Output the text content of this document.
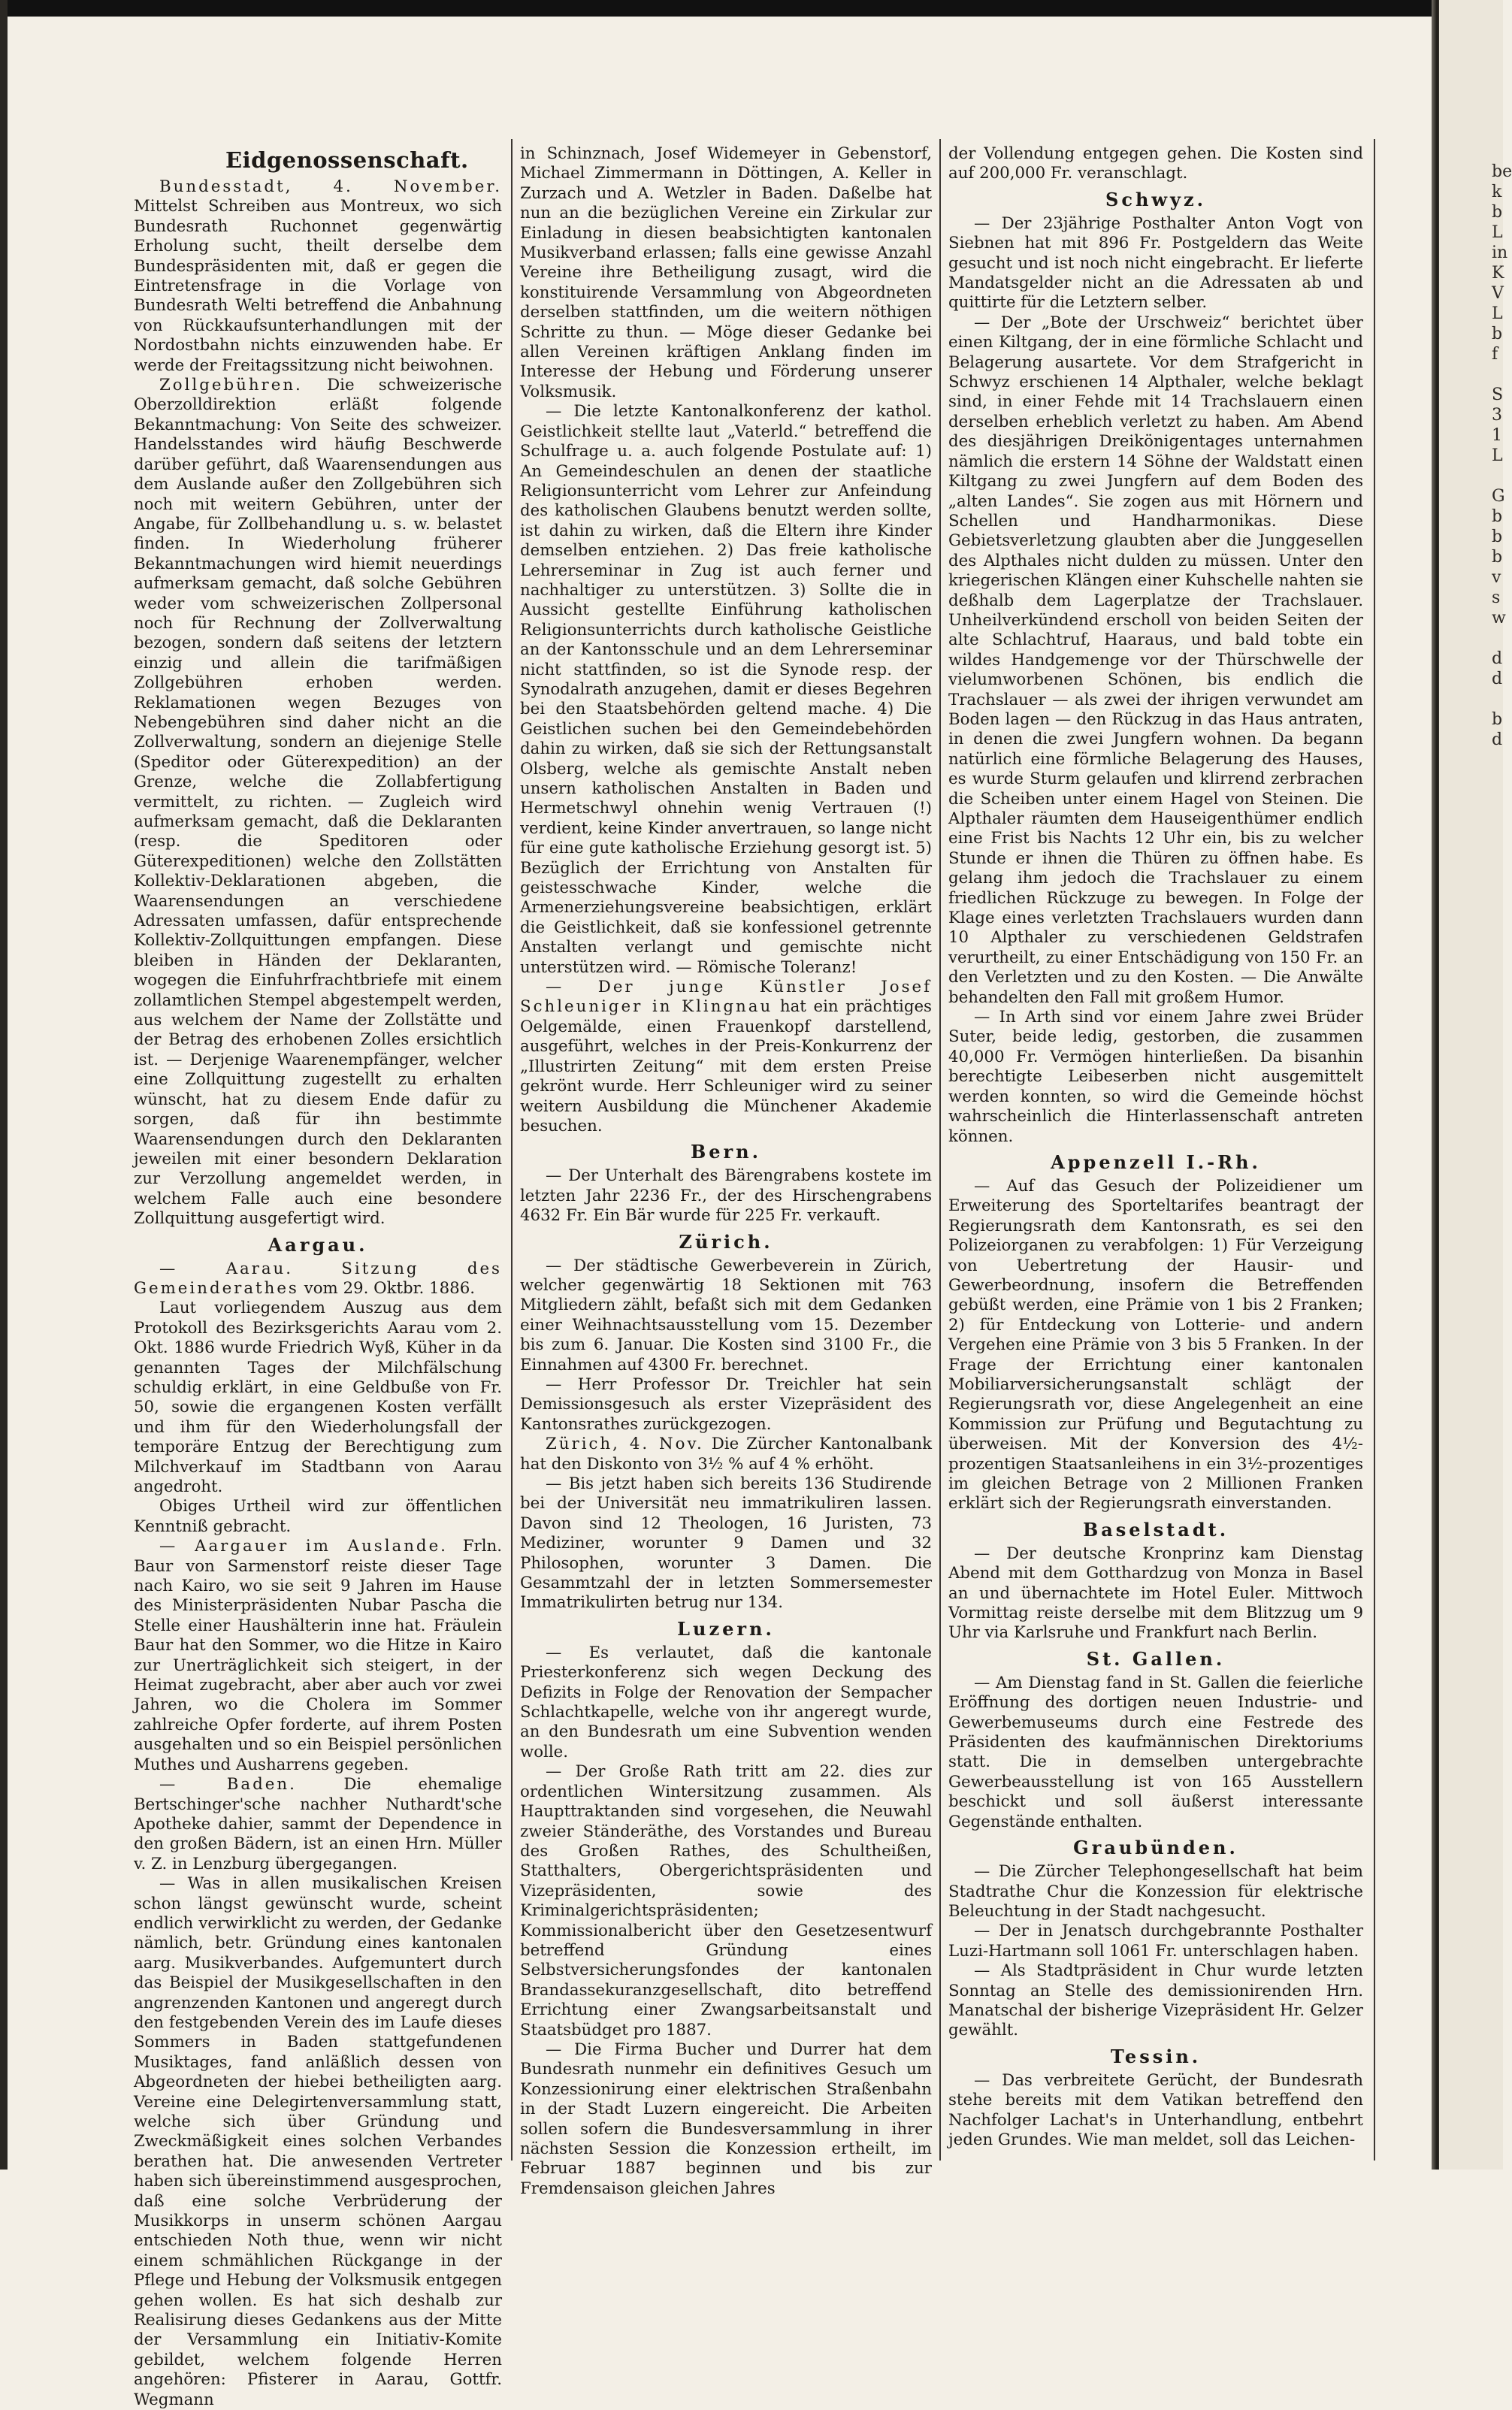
be
k
b
L
in
K
V
L
b
f

S
3
1
L

G
b
b
b
v
s
w

d
d

b
d
Eidgenossenschaft.

Bundesstadt, 4. November. Mittelst Schreiben aus Montreux, wo sich Bundesrath Ruchonnet gegenwärtig Erholung sucht, theilt derselbe dem Bundespräsidenten mit, daß er gegen die Eintretensfrage in die Vorlage von Bundesrath Welti betreffend die Anbahnung von Rückkaufsunterhandlungen mit der Nordostbahn nichts einzuwenden habe. Er werde der Freitagssitzung nicht beiwohnen.

Zollgebühren. Die schweizerische Oberzolldirektion erläßt folgende Bekanntmachung: Von Seite des schweizer. Handelsstandes wird häufig Beschwerde darüber geführt, daß Waarensendungen aus dem Auslande außer den Zollgebühren sich noch mit weitern Gebühren, unter der Angabe, für Zollbehandlung u. s. w. belastet finden. In Wiederholung früherer Bekanntmachungen wird hiemit neuerdings aufmerksam gemacht, daß solche Gebühren weder vom schweizerischen Zollpersonal noch für Rechnung der Zollverwaltung bezogen, sondern daß seitens der letztern einzig und allein die tarifmäßigen Zollgebühren erhoben werden. Reklamationen wegen Bezuges von Nebengebühren sind daher nicht an die Zollverwaltung, sondern an diejenige Stelle (Speditor oder Güterexpedition) an der Grenze, welche die Zollabfertigung vermittelt, zu richten. — Zugleich wird aufmerksam gemacht, daß die Deklaranten (resp. die Speditoren oder Güterexpeditionen) welche den Zollstätten Kollektiv-Deklarationen abgeben, die Waarensendungen an verschiedene Adressaten umfassen, dafür entsprechende Kollektiv-Zollquittungen empfangen. Diese bleiben in Händen der Deklaranten, wogegen die Einfuhrfrachtbriefe mit einem zollamtlichen Stempel abgestempelt werden, aus welchem der Name der Zollstätte und der Betrag des erhobenen Zolles ersichtlich ist. — Derjenige Waarenempfänger, welcher eine Zollquittung zugestellt zu erhalten wünscht, hat zu diesem Ende dafür zu sorgen, daß für ihn bestimmte Waarensendungen durch den Deklaranten jeweilen mit einer besondern Deklaration zur Verzollung angemeldet werden, in welchem Falle auch eine besondere Zollquittung ausgefertigt wird.

Aargau.

— Aarau. Sitzung des Gemeinderathes vom 29. Oktbr. 1886.

Laut vorliegendem Auszug aus dem Protokoll des Bezirksgerichts Aarau vom 2. Okt. 1886 wurde Friedrich Wyß, Küher in da genannten Tages der Milchfälschung schuldig erklärt, in eine Geldbuße von Fr. 50, sowie die ergangenen Kosten verfällt und ihm für den Wiederholungsfall der temporäre Entzug der Berechtigung zum Milchverkauf im Stadtbann von Aarau angedroht.

Obiges Urtheil wird zur öffentlichen Kenntniß gebracht.

— Aargauer im Auslande. Frln. Baur von Sarmenstorf reiste dieser Tage nach Kairo, wo sie seit 9 Jahren im Hause des Ministerpräsidenten Nubar Pascha die Stelle einer Haushälterin inne hat. Fräulein Baur hat den Sommer, wo die Hitze in Kairo zur Unerträglichkeit sich steigert, in der Heimat zugebracht, aber aber auch vor zwei Jahren, wo die Cholera im Sommer zahlreiche Opfer forderte, auf ihrem Posten ausgehalten und so ein Beispiel persönlichen Muthes und Ausharrens gegeben.

— Baden.	Die ehemalige Bertschinger'sche nachher Nuthardt'sche Apotheke dahier, sammt der Dependence in den großen Bädern, ist an einen Hrn. Müller v. Z. in Lenzburg übergegangen.

— Was in allen musikalischen Kreisen schon längst gewünscht wurde, scheint endlich verwirklicht zu werden, der Gedanke nämlich, betr. Gründung eines kantonalen aarg. Musikverbandes. Aufgemuntert durch das Beispiel der Musikgesellschaften in den angrenzenden Kantonen und angeregt durch den festgebenden Verein des im Laufe dieses Sommers in Baden stattgefundenen Musiktages, fand anläßlich dessen von Abgeordneten der hiebei betheiligten aarg. Vereine eine Delegirtenversammlung statt, welche sich über Gründung und Zweckmäßigkeit eines solchen Verbandes berathen hat. Die anwesenden Vertreter haben sich übereinstimmend ausgesprochen, daß eine solche Verbrüderung der Musikkorps in unserm schönen Aargau entschieden Noth thue, wenn wir nicht einem schmählichen Rückgange in der Pflege und Hebung der Volksmusik entgegen gehen wollen. Es hat sich deshalb zur Realisirung dieses Gedankens aus der Mitte der Versammlung ein Initiativ-Komite gebildet, welchem folgende Herren angehören: Pfisterer in Aarau, Gottfr. Wegmann

in Schinznach, Josef Widemeyer in Gebenstorf, Michael Zimmermann in Döttingen, A. Keller in Zurzach und A. Wetzler in Baden. Daßelbe hat nun an die bezüglichen Vereine ein Zirkular zur Einladung in diesen beabsichtigten kantonalen Musikverband erlassen; falls eine gewisse Anzahl Vereine ihre Betheiligung zusagt, wird die konstituirende Versammlung von Abgeordneten derselben stattfinden, um die weitern nöthigen Schritte zu thun. — Möge dieser Gedanke bei allen Vereinen kräftigen Anklang finden im Interesse der Hebung und Förderung unserer Volksmusik.

— Die letzte Kantonalkonferenz der kathol. Geistlichkeit stellte laut „Vaterld.“ betreffend die Schulfrage u. a. auch folgende Postulate auf: 1) An Gemeindeschulen an denen der staatliche Religionsunterricht vom Lehrer zur Anfeindung des katholischen Glaubens benutzt werden sollte, ist dahin zu wirken, daß die Eltern ihre Kinder demselben entziehen. 2) Das freie katholische Lehrerseminar in Zug ist auch ferner und nachhaltiger zu unterstützen. 3) Sollte die in Aussicht gestellte Einführung katholischen Religionsunterrichts durch katholische Geistliche an der Kantonsschule und an dem Lehrerseminar nicht stattfinden, so ist die Synode resp. der Synodalrath anzugehen, damit er dieses Begehren bei den Staatsbehörden geltend mache. 4) Die Geistlichen suchen bei den Gemeindebehörden dahin zu wirken, daß sie sich der Rettungsanstalt Olsberg, welche als gemischte Anstalt neben unsern katholischen Anstalten in Baden und Hermetschwyl ohnehin wenig Vertrauen (!) verdient, keine Kinder anvertrauen, so lange nicht für eine gute katholische Erziehung gesorgt ist. 5) Bezüglich der Errichtung von Anstalten für geistesschwache Kinder, welche die Armenerziehungsvereine beabsichtigen, erklärt die Geistlichkeit, daß sie konfessionel getrennte Anstalten verlangt und gemischte nicht unterstützen wird. — Römische Toleranz!

— Der junge Künstler Josef Schleuniger in Klingnau hat ein prächtiges Oelgemälde, einen Frauenkopf darstellend, ausgeführt, welches in der Preis-Konkurrenz der „Illustrirten Zeitung“ mit dem ersten Preise gekrönt wurde. Herr Schleuniger wird zu seiner weitern Ausbildung die Münchener Akademie besuchen.

Bern.

— Der Unterhalt des Bärengrabens kostete im letzten Jahr 2236 Fr., der des Hirschengrabens 4632 Fr. Ein Bär wurde für 225 Fr. verkauft.

Zürich.

— Der städtische Gewerbeverein in Zürich, welcher gegenwärtig 18 Sektionen mit 763 Mitgliedern zählt, befaßt sich mit dem Gedanken einer Weihnachtsausstellung vom 15. Dezember bis zum 6. Januar. Die Kosten sind 3100 Fr., die Einnahmen auf 4300 Fr. berechnet.

— Herr Professor Dr. Treichler hat sein Demissionsgesuch als erster Vizepräsident des Kantonsrathes zurückgezogen.

Zürich, 4. Nov. Die Zürcher Kantonalbank hat den Diskonto von 3½ % auf 4 % erhöht.

— Bis jetzt haben sich bereits 136 Studirende bei der Universität neu immatrikuliren lassen. Davon sind 12 Theologen, 16 Juristen, 73 Mediziner, worunter 9 Damen und 32 Philosophen, worunter 3 Damen. Die Gesammtzahl der in letzten Sommersemester Immatrikulirten betrug nur 134.

Luzern.

— Es verlautet, daß die kantonale Priesterkonferenz sich wegen Deckung des Defizits in Folge der Renovation der Sempacher Schlachtkapelle, welche von ihr angeregt wurde, an den Bundesrath um eine Subvention wenden wolle.

— Der Große Rath tritt am 22. dies zur ordentlichen Wintersitzung zusammen. Als Haupttraktanden sind vorgesehen, die Neuwahl zweier Ständeräthe, des Vorstandes und Bureau des Großen Rathes, des Schultheißen, Statthalters, Obergerichtspräsidenten und Vizepräsidenten, sowie des Kriminalgerichtspräsidenten; Kommissionalbericht über den Gesetzesentwurf betreffend Gründung eines Selbstversicherungsfondes der kantonalen Brandassekuranzgesellschaft, dito betreffend Errichtung einer Zwangsarbeitsanstalt und Staatsbüdget pro 1887.

— Die Firma Bucher und Durrer hat dem Bundesrath nunmehr ein definitives Gesuch um Konzessionirung einer elektrischen Straßenbahn in der Stadt Luzern eingereicht. Die Arbeiten sollen sofern die Bundesversammlung in ihrer nächsten Session die Konzession ertheilt, im Februar 1887 beginnen und bis zur Fremdensaison gleichen Jahres

der Vollendung entgegen gehen. Die Kosten sind auf 200,000 Fr. veranschlagt.

Schwyz.

— Der 23jährige Posthalter Anton Vogt von Siebnen hat mit 896 Fr. Postgeldern das Weite gesucht und ist noch nicht eingebracht. Er lieferte Mandatsgelder nicht an die Adressaten ab und quittirte für die Letztern selber.

— Der „Bote der Urschweiz“ berichtet über einen Kiltgang, der in eine förmliche Schlacht und Belagerung ausartete. Vor dem Strafgericht in Schwyz erschienen 14 Alpthaler, welche beklagt sind, in einer Fehde mit 14 Trachslauern einen derselben erheblich verletzt zu haben. Am Abend des diesjährigen Dreikönigentages unternahmen nämlich die erstern 14 Söhne der Waldstatt einen Kiltgang zu zwei Jungfern auf dem Boden des „alten Landes“. Sie zogen aus mit Hörnern und Schellen und Handharmonikas. Diese Gebietsverletzung glaubten aber die Junggesellen des Alpthales nicht dulden zu müssen. Unter den kriegerischen Klängen einer Kuhschelle nahten sie deßhalb dem Lagerplatze der Trachslauer. Unheilverkündend erscholl von beiden Seiten der alte Schlachtruf, Haaraus, und bald tobte ein wildes Handgemenge vor der Thürschwelle der vielumworbenen Schönen, bis endlich die Trachslauer — als zwei der ihrigen verwundet am Boden lagen — den Rückzug in das Haus antraten, in denen die zwei Jungfern wohnen. Da begann natürlich eine förmliche Belagerung des Hauses, es wurde Sturm gelaufen und klirrend zerbrachen die Scheiben unter einem Hagel von Steinen. Die Alpthaler räumten dem Hauseigenthümer endlich eine Frist bis Nachts 12 Uhr ein, bis zu welcher Stunde er ihnen die Thüren zu öffnen habe. Es gelang ihm jedoch die Trachslauer zu einem friedlichen Rückzuge zu bewegen. In Folge der Klage eines verletzten Trachslauers wurden dann 10 Alpthaler zu verschiedenen Geldstrafen verurtheilt, zu einer Entschädigung von 150 Fr. an den Verletzten und zu den Kosten. — Die Anwälte behandelten den Fall mit großem Humor.

— In Arth sind vor einem Jahre zwei Brüder Suter, beide ledig, gestorben, die zusammen 40,000 Fr. Vermögen hinterließen. Da bisanhin berechtigte Leibeserben nicht ausgemittelt werden konnten, so wird die Gemeinde höchst wahrscheinlich die Hinterlassenschaft antreten können.

Appenzell I.-Rh.

— Auf das Gesuch der Polizeidiener um Erweiterung des Sporteltarifes beantragt der Regierungsrath dem Kantonsrath, es sei den Polizeiorganen zu verabfolgen: 1) Für Verzeigung von Uebertretung der Hausir- und Gewerbeordnung, insofern die Betreffenden gebüßt werden, eine Prämie von 1 bis 2 Franken; 2) für Entdeckung von Lotterie- und andern Vergehen eine Prämie von 3 bis 5 Franken. In der Frage der Errichtung einer kantonalen Mobiliarversicherungsanstalt schlägt der Regierungsrath vor, diese Angelegenheit an eine Kommission zur Prüfung und Begutachtung zu überweisen. Mit der Konversion des 4½-prozentigen Staatsanleihens in ein 3½-prozentiges im gleichen Betrage von 2 Millionen Franken erklärt sich der Regierungsrath einverstanden.

Baselstadt.

— Der deutsche Kronprinz kam Dienstag Abend mit dem Gotthardzug von Monza in Basel an und übernachtete im Hotel Euler. Mittwoch Vormittag reiste derselbe mit dem Blitzzug um 9 Uhr via Karlsruhe und Frankfurt nach Berlin.

St. Gallen.

— Am Dienstag fand in St. Gallen die feierliche Eröffnung des dortigen neuen Industrie- und Gewerbemuseums durch eine Festrede des Präsidenten des kaufmännischen Direktoriums statt. Die in demselben untergebrachte Gewerbeausstellung ist von 165 Ausstellern beschickt und soll äußerst interessante Gegenstände enthalten.

Graubünden.

— Die Zürcher Telephongesellschaft hat beim Stadtrathe Chur die Konzession für elektrische Beleuchtung in der Stadt nachgesucht.

— Der in Jenatsch durchgebrannte Posthalter Luzi-Hartmann soll 1061 Fr. unterschlagen haben.

— Als Stadtpräsident in Chur wurde letzten Sonntag an Stelle des demissionirenden Hrn. Manatschal der bisherige Vizepräsident Hr. Gelzer gewählt.

Tessin.

— Das verbreitete Gerücht, der Bundesrath stehe bereits mit dem Vatikan betreffend den Nachfolger Lachat's in Unterhandlung, entbehrt jeden Grundes. Wie man meldet, soll das Leichen-
